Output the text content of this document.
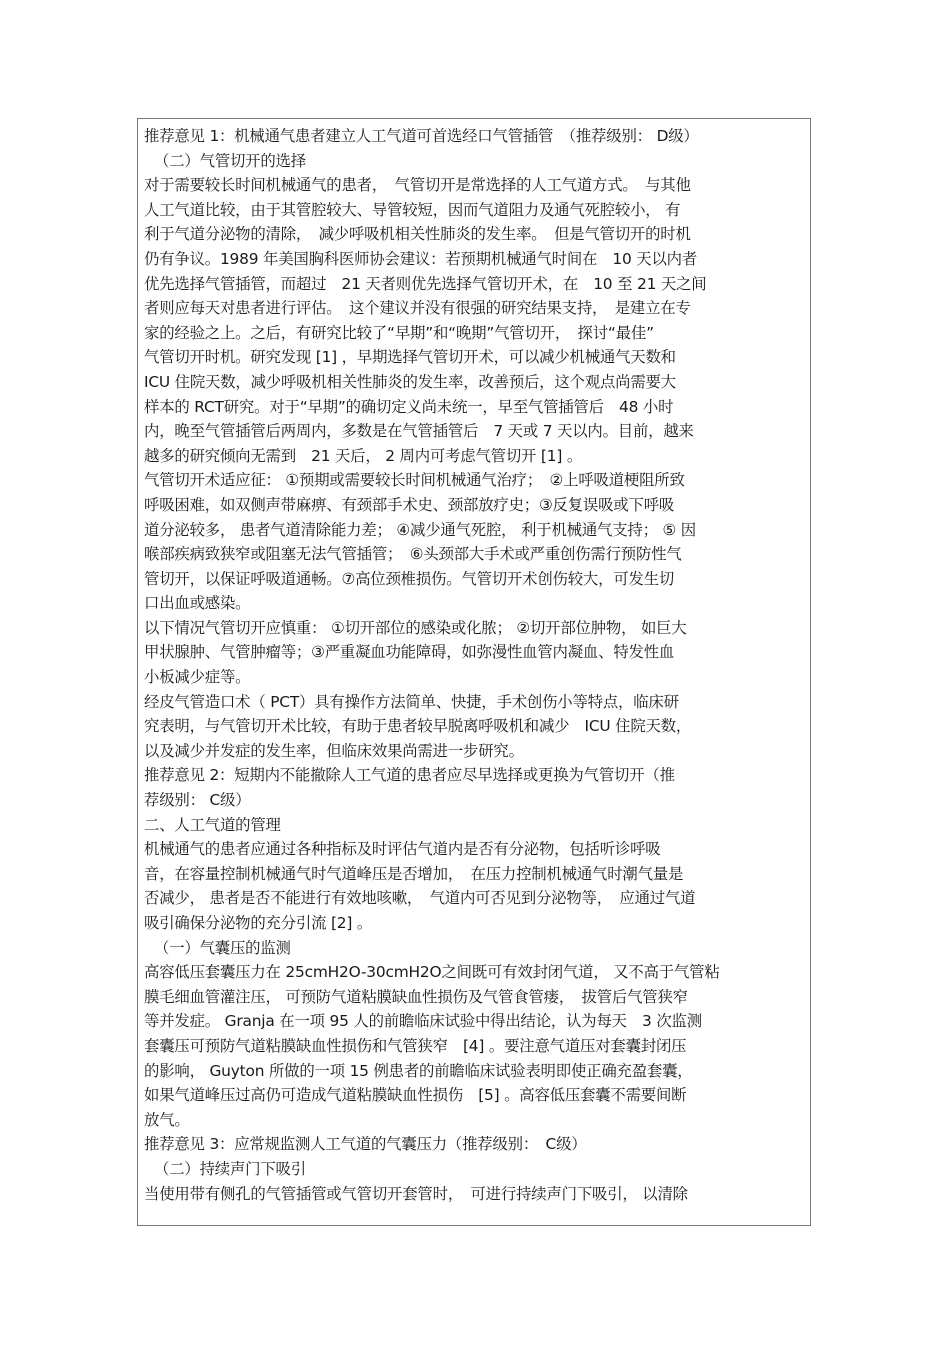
推荐意见 1：机械通气患者建立人工气道可首选经口气管插管　（推荐级别： D级）
（二）气管切开的选择
对于需要较长时间机械通气的患者，　气管切开是常选择的人工气道方式。　与其他
人工气道比较，由于其管腔较大、导管较短，因而气道阻力及通气死腔较小， 有
利于气道分泌物的清除，　减少呼吸机相关性肺炎的发生率。　但是气管切开的时机
仍有争议。1989 年美国胸科医师协会建议：若预期机械通气时间在　10 天以内者
优先选择气管插管，而超过　21 天者则优先选择气管切开术，在　10 至 21 天之间
者则应每天对患者进行评估。　这个建议并没有很强的研究结果支持，　是建立在专
家的经验之上。之后，有研究比较了“早期”和“晚期”气管切开，　探讨“最佳”
气管切开时机。研究发现 [1] ，早期选择气管切开术，可以减少机械通气天数和
ICU 住院天数，减少呼吸机相关性肺炎的发生率，改善预后，这个观点尚需要大
样本的 RCT研究。对于“早期”的确切定义尚未统一，早至气管插管后　48 小时
内，晚至气管插管后两周内，多数是在气管插管后　7 天或 7 天以内。目前，越来
越多的研究倾向无需到　21 天后， 2 周内可考虑气管切开 [1] 。
气管切开术适应征： ①预期或需要较长时间机械通气治疗；　②上呼吸道梗阻所致
呼吸困难，如双侧声带麻痹、有颈部手术史、颈部放疗史；③反复误吸或下呼吸
道分泌较多， 患者气道清除能力差； ④减少通气死腔， 利于机械通气支持； ⑤ 因
喉部疾病致狭窄或阻塞无法气管插管；　⑥头颈部大手术或严重创伤需行预防性气
管切开，以保证呼吸道通畅。⑦高位颈椎损伤。气管切开术创伤较大，可发生切
口出血或感染。
以下情况气管切开应慎重： ①切开部位的感染或化脓； ②切开部位肿物， 如巨大
甲状腺肿、气管肿瘤等；③严重凝血功能障碍，如弥漫性血管内凝血、特发性血
小板减少症等。
经皮气管造口术（ PCT）具有操作方法简单、快捷，手术创伤小等特点，临床研
究表明，与气管切开术比较，有助于患者较早脱离呼吸机和减少　ICU 住院天数，
以及减少并发症的发生率，但临床效果尚需进一步研究。
推荐意见 2：短期内不能撤除人工气道的患者应尽早选择或更换为气管切开（推
荐级别： C级）
二、人工气道的管理
机械通气的患者应通过各种指标及时评估气道内是否有分泌物，包括听诊呼吸
音，在容量控制机械通气时气道峰压是否增加，　在压力控制机械通气时潮气量是
否减少， 患者是否不能进行有效地咳嗽，　气道内可否见到分泌物等，　应通过气道
吸引确保分泌物的充分引流 [2] 。
（一）气囊压的监测
高容低压套囊压力在 25cmH2O-30cmH2O之间既可有效封闭气道， 又不高于气管粘
膜毛细血管灌注压， 可预防气道粘膜缺血性损伤及气管食管瘘，　拔管后气管狭窄
等并发症。 Granja 在一项 95 人的前瞻临床试验中得出结论，认为每天　3 次监测
套囊压可预防气道粘膜缺血性损伤和气管狭窄　[4] 。要注意气道压对套囊封闭压
的影响， Guyton 所做的一项 15 例患者的前瞻临床试验表明即使正确充盈套囊，
如果气道峰压过高仍可造成气道粘膜缺血性损伤　[5] 。高容低压套囊不需要间断
放气。
推荐意见 3：应常规监测人工气道的气囊压力（推荐级别：　C级）
（二）持续声门下吸引
当使用带有侧孔的气管插管或气管切开套管时，　可进行持续声门下吸引， 以清除
